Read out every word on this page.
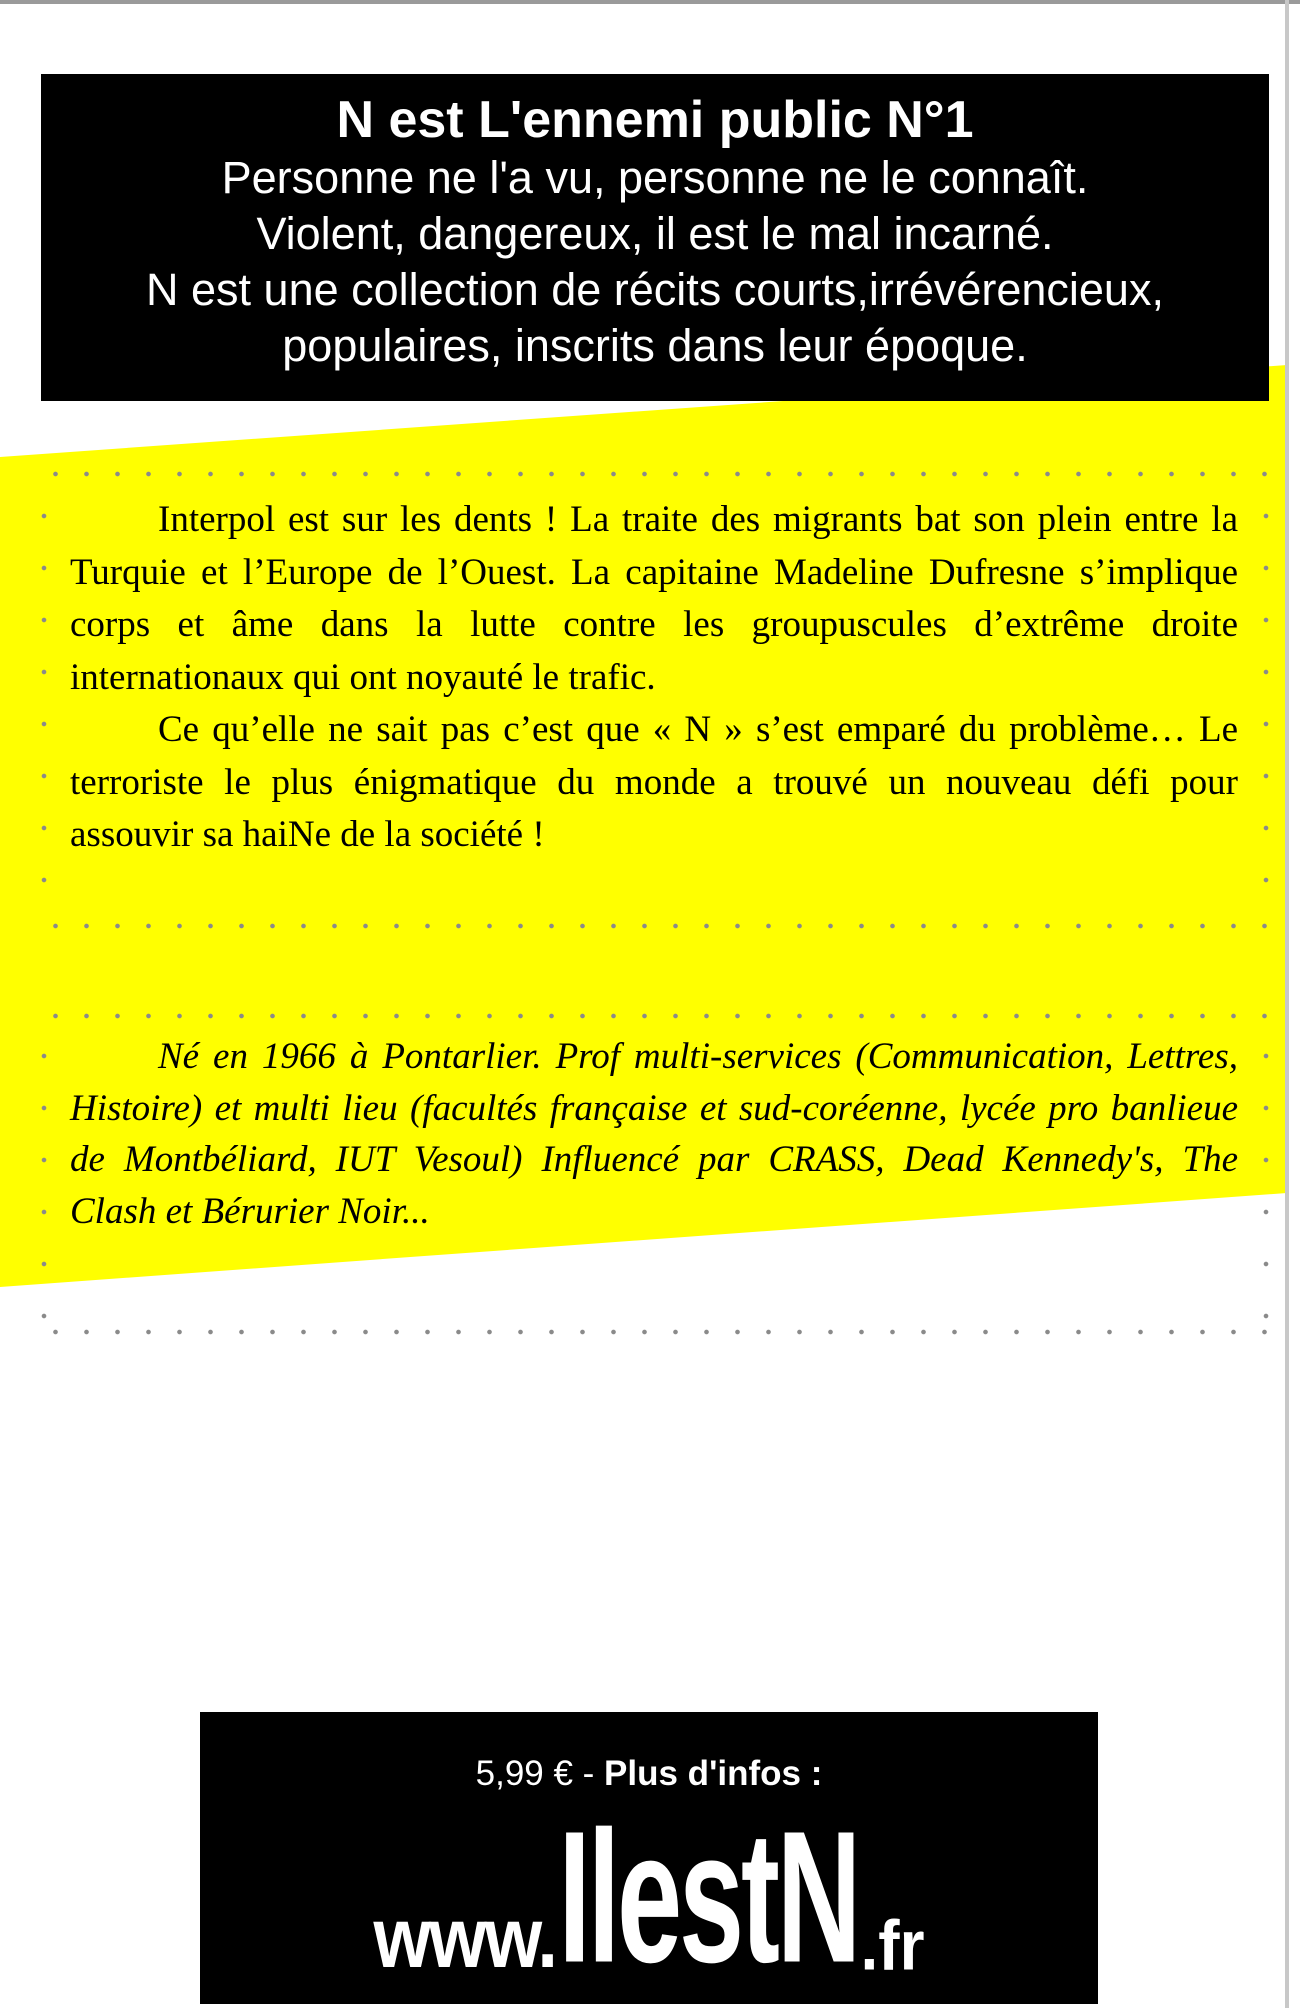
N est L'ennemi public N°1
Personne ne l'a vu, personne ne le connaît.
Violent, dangereux, il est le mal incarné.
N est une collection de récits courts,irrévérencieux,
populaires, inscrits dans leur époque.

Interpol est sur les dents ! La traite des migrants bat son plein entre la Turquie et l’Europe de l’Ouest. La capitaine Madeline Dufresne s’implique corps et âme dans la lutte contre les groupuscules d’extrême droite internationaux qui ont noyauté le trafic.

Ce qu’elle ne sait pas c’est que « N » s’est emparé du problème… Le terroriste le plus énigmatique du monde a trouvé un nouveau défi pour assouvir sa haiNe de la société !

Né en 1966 à Pontarlier. Prof multi-services (Communication, Lettres, Histoire) et multi lieu (facultés française et sud-coréenne, lycée pro banlieue de Montbéliard, IUT Vesoul) Influencé par CRASS, Dead Kennedy's, The Clash et Bérurier Noir...

5,99 € - Plus d'infos :
www. IlestN .fr
